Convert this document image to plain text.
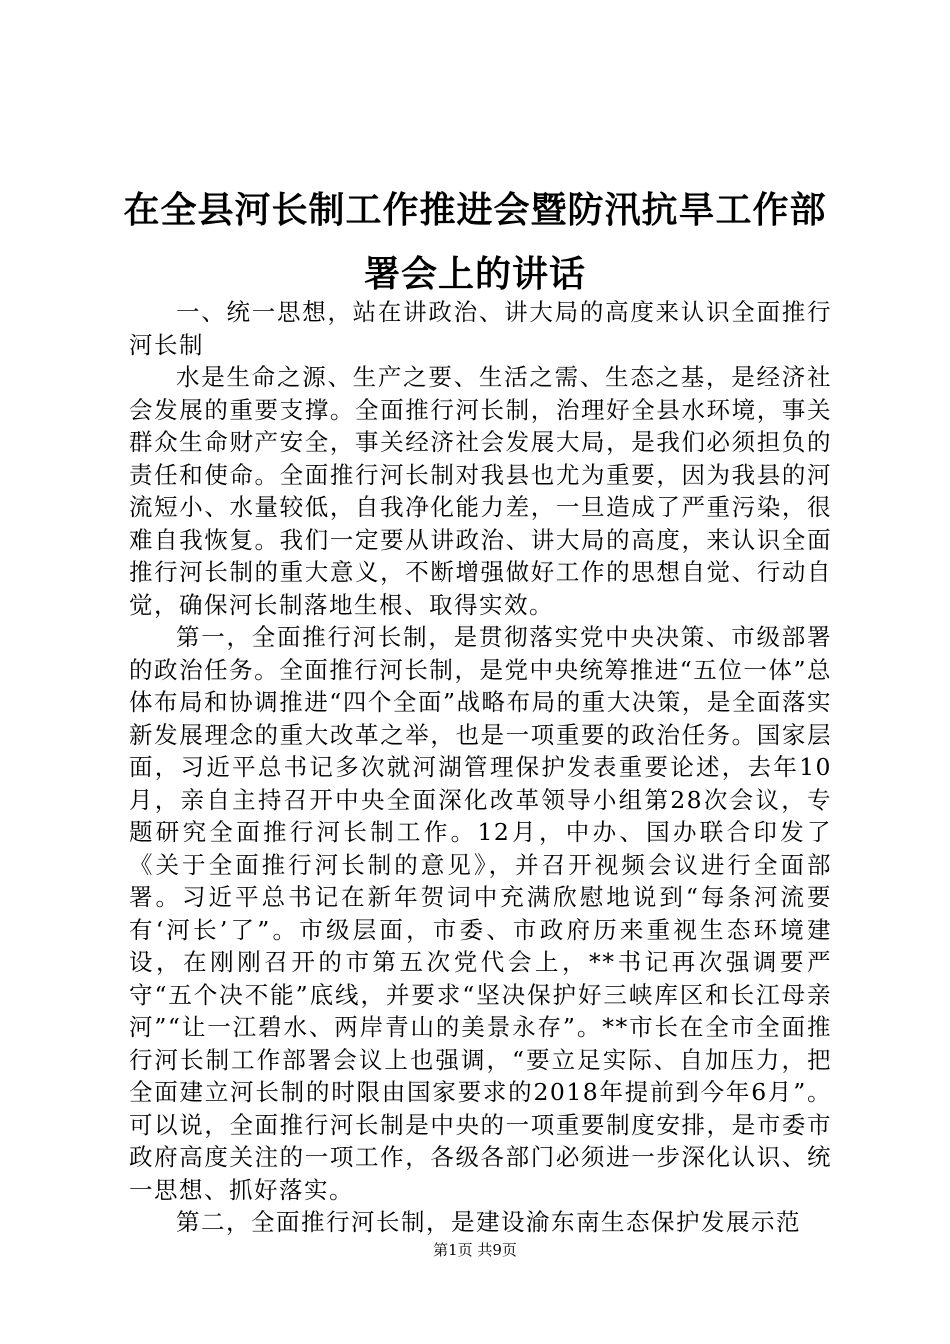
在全县河长制工作推进会暨防汛抗旱工作部署会上的讲话

一、统一思想，站在讲政治、讲大局的高度来认识全面推行河长制

水是生命之源、生产之要、生活之需、生态之基，是经济社会发展的重要支撑。全面推行河长制，治理好全县水环境，事关群众生命财产安全，事关经济社会发展大局，是我们必须担负的责任和使命。全面推行河长制对我县也尤为重要，因为我县的河流短小、水量较低，自我净化能力差，一旦造成了严重污染，很难自我恢复。我们一定要从讲政治、讲大局的高度，来认识全面推行河长制的重大意义，不断增强做好工作的思想自觉、行动自觉，确保河长制落地生根、取得实效。

第一，全面推行河长制，是贯彻落实党中央决策、市级部署的政治任务。全面推行河长制，是党中央统筹推进“五位一体”总体布局和协调推进“四个全面”战略布局的重大决策，是全面落实新发展理念的重大改革之举，也是一项重要的政治任务。国家层面，习近平总书记多次就河湖管理保护发表重要论述，去年10月，亲自主持召开中央全面深化改革领导小组第28次会议，专题研究全面推行河长制工作。12月，中办、国办联合印发了《关于全面推行河长制的意见》，并召开视频会议进行全面部署。习近平总书记在新年贺词中充满欣慰地说到“每条河流要有‘河长’了”。市级层面，市委、市政府历来重视生态环境建设，在刚刚召开的市第五次党代会上，**书记再次强调要严守“五个决不能”底线，并要求“坚决保护好三峡库区和长江母亲河”“让一江碧水、两岸青山的美景永存”。**市长在全市全面推行河长制工作部署会议上也强调，“要立足实际、自加压力，把全面建立河长制的时限由国家要求的2018年提前到今年6月”。可以说，全面推行河长制是中央的一项重要制度安排，是市委市政府高度关注的一项工作，各级各部门必须进一步深化认识、统一思想、抓好落实。

第二，全面推行河长制，是建设渝东南生态保护发展示范

第1页 共9页
